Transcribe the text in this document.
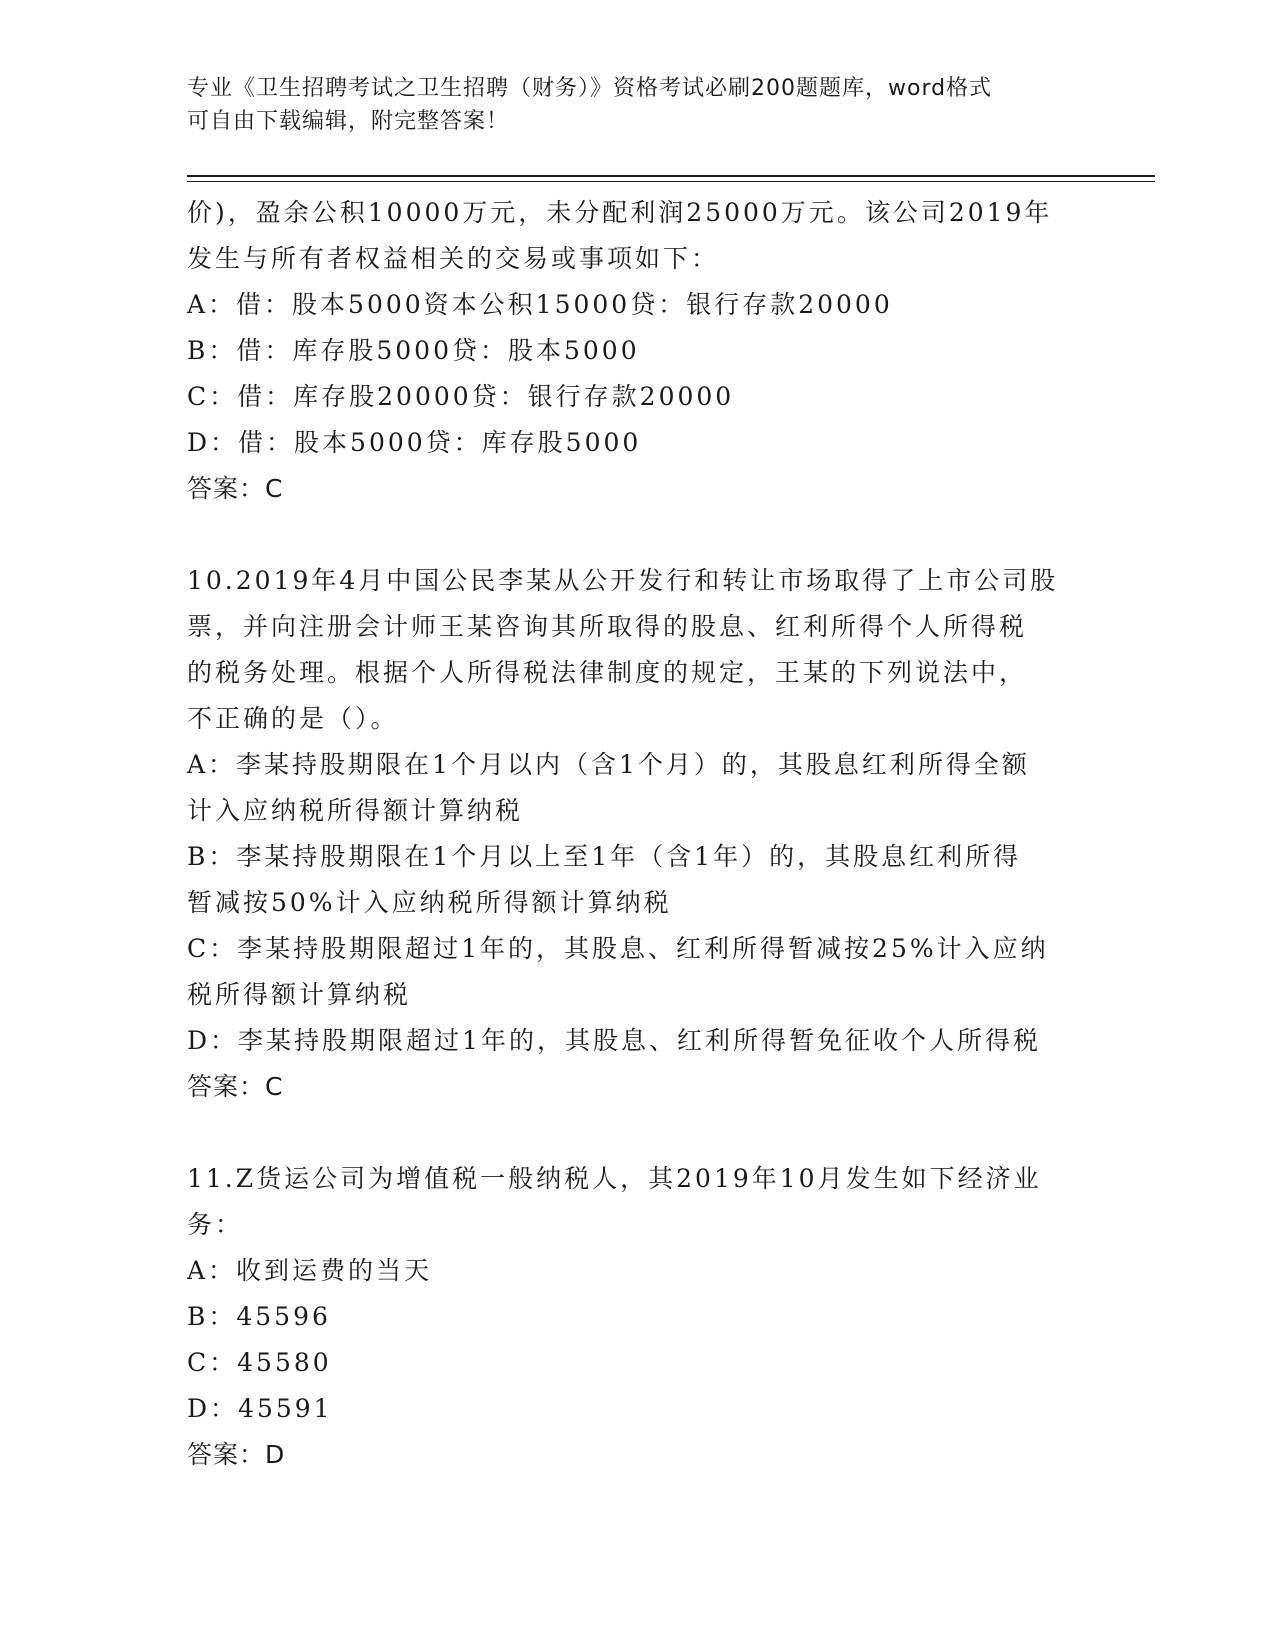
专业《卫生招聘考试之卫生招聘（财务）》资格考试必刷200题题库，word格式
可自由下载编辑，附完整答案！
价)，盈余公积10000万元，未分配利润25000万元。该公司2019年
发生与所有者权益相关的交易或事项如下：
A：借：股本5000资本公积15000贷：银行存款20000
B：借：库存股5000贷：股本5000
C：借：库存股20000贷：银行存款20000
D：借：股本5000贷：库存股5000
答案：C
10.2019年4月中国公民李某从公开发行和转让市场取得了上市公司股
票，并向注册会计师王某咨询其所取得的股息、红利所得个人所得税
的税务处理。根据个人所得税法律制度的规定，王某的下列说法中，
不正确的是（）。
A：李某持股期限在1个月以内（含1个月）的，其股息红利所得全额
计入应纳税所得额计算纳税
B：李某持股期限在1个月以上至1年（含1年）的，其股息红利所得
暂减按50%计入应纳税所得额计算纳税
C：李某持股期限超过1年的，其股息、红利所得暂减按25%计入应纳
税所得额计算纳税
D：李某持股期限超过1年的，其股息、红利所得暂免征收个人所得税
答案：C
11.Z货运公司为增值税一般纳税人，其2019年10月发生如下经济业
务：
A：收到运费的当天
B：45596
C：45580
D：45591
答案：D
